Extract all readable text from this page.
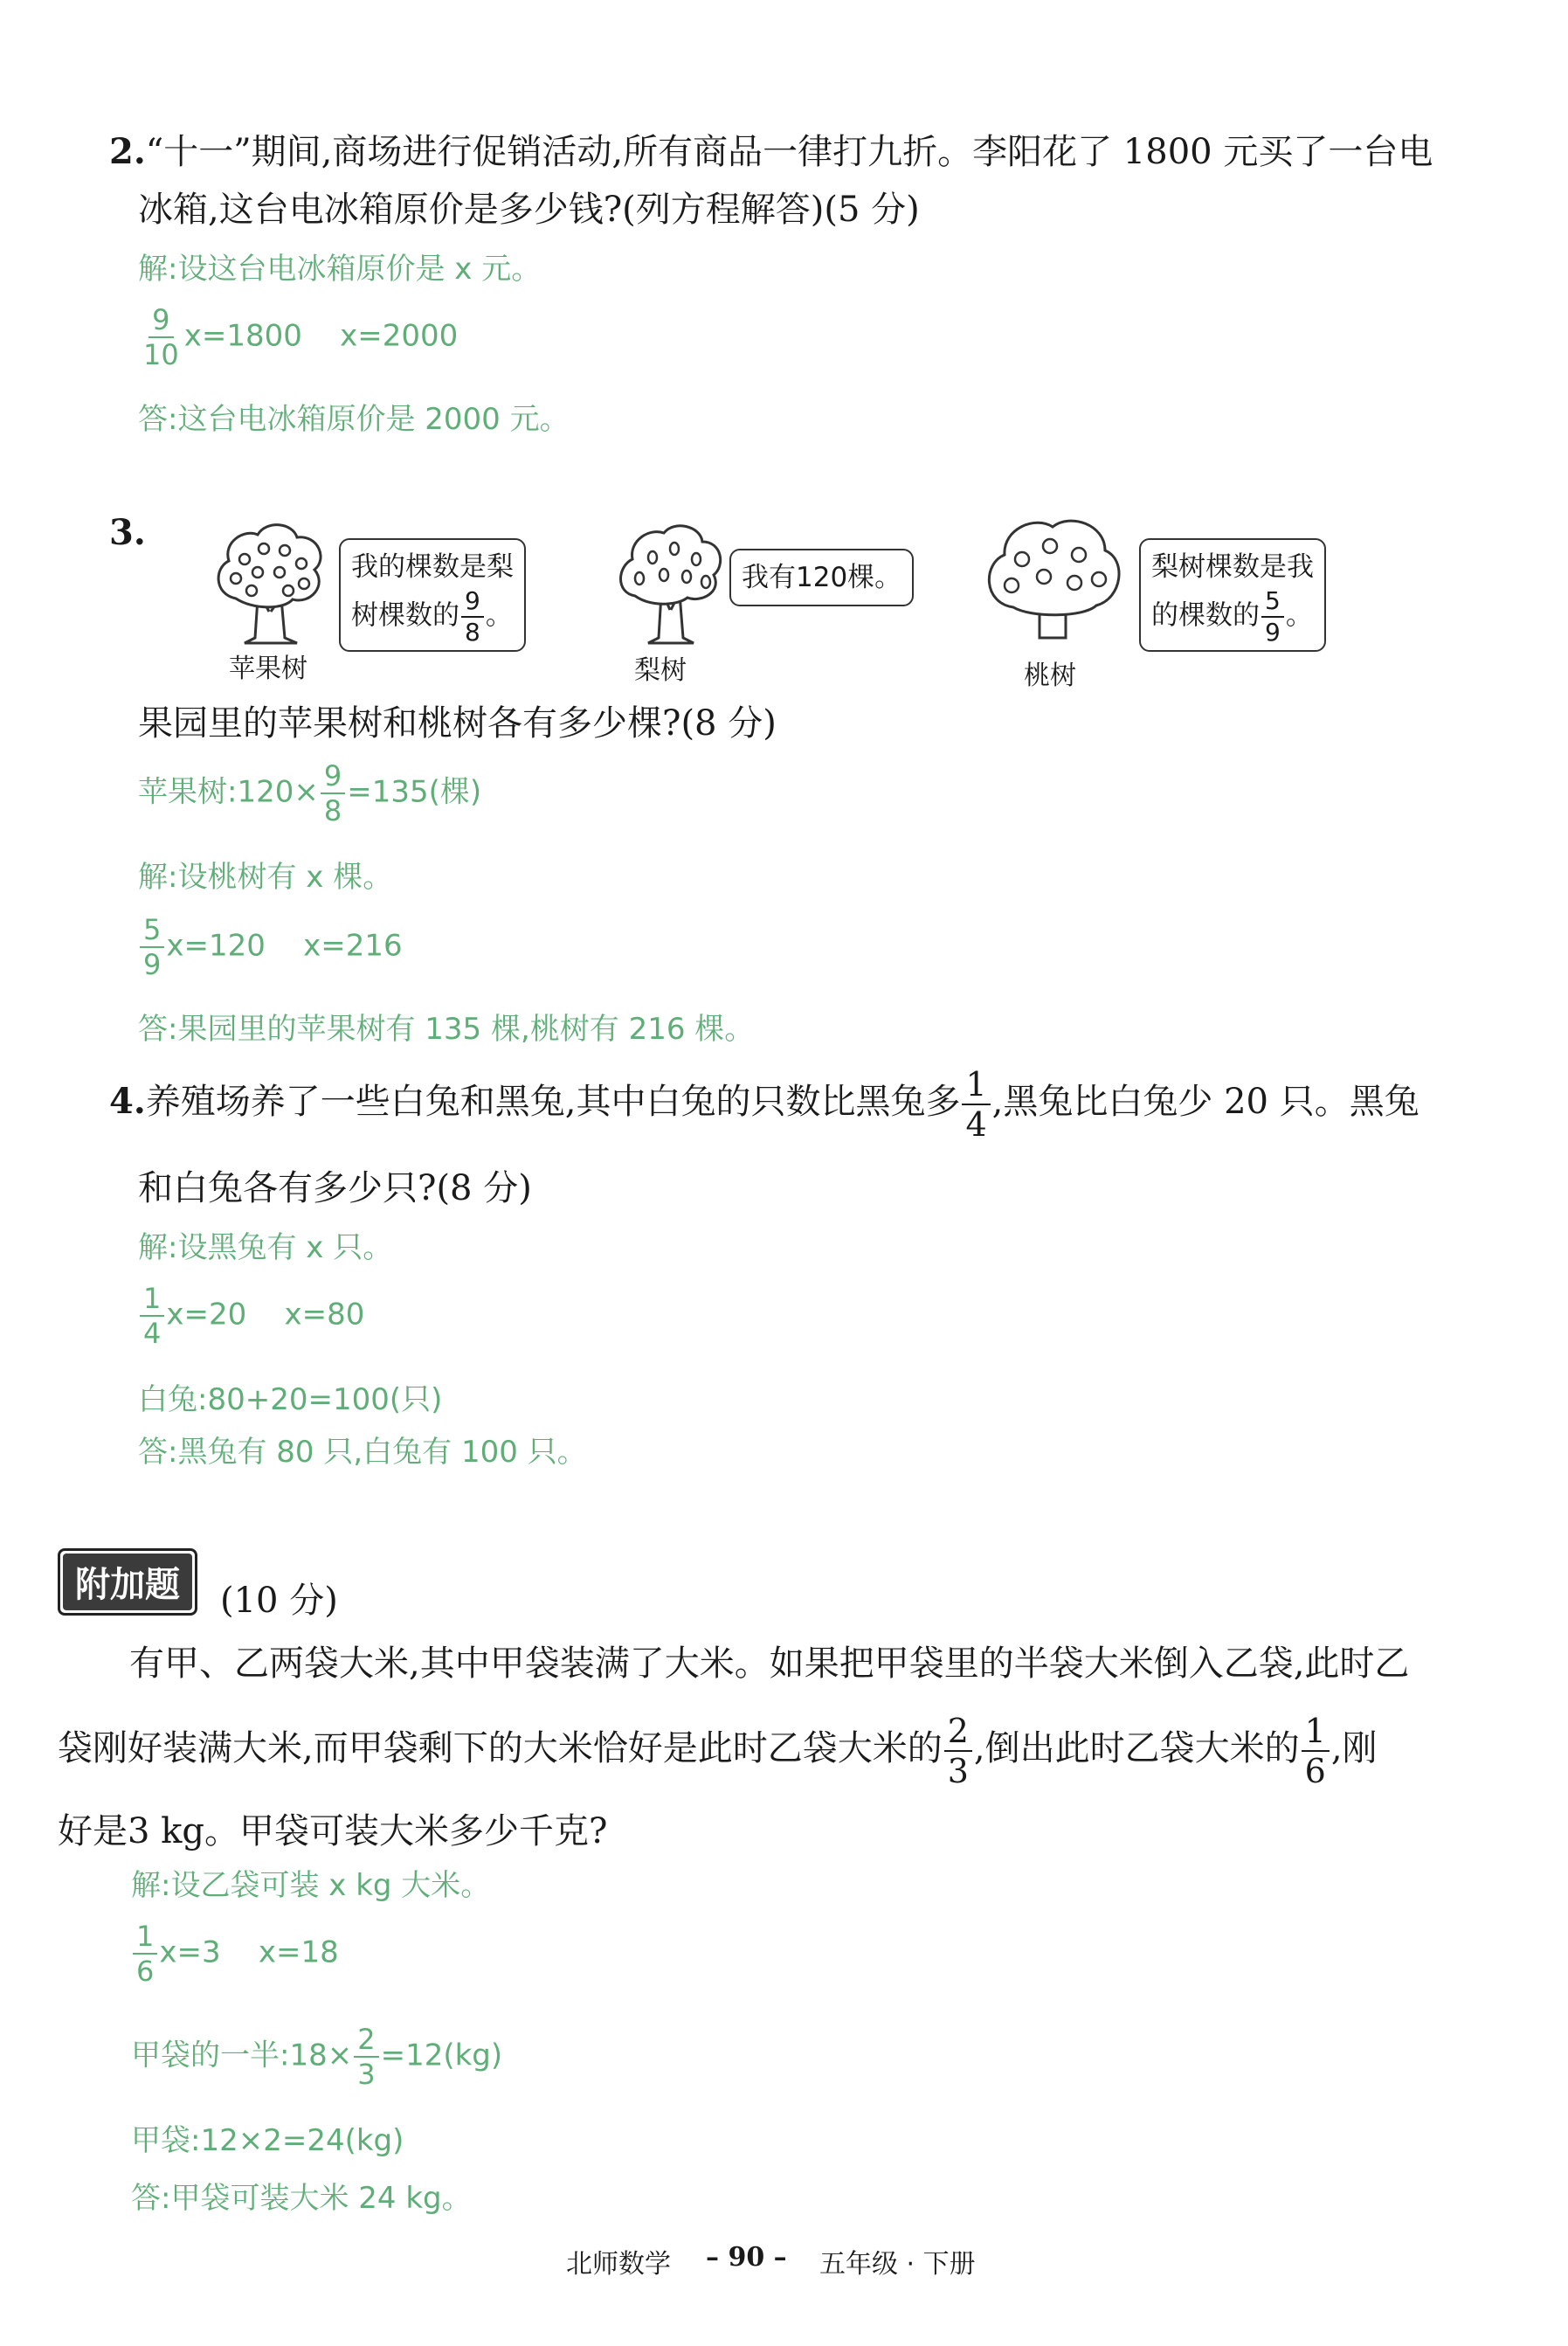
2.“十一”期间,商场进行促销活动,所有商品一律打九折。李阳花了 1800 元买了一台电
冰箱,这台电冰箱原价是多少钱?(列方程解答)(5 分)
解:设这台电冰箱原价是 x 元。
$\frac{9}{10} x=1800$    x=2000
答:这台电冰箱原价是 2000 元。
3.
苹果树
我的棵数是梨
树棵数的 $\frac{9}{8}$ 。
梨树
我有120棵。
桃树
梨树棵数是我
的棵数的 $\frac{5}{9}$ 。
果园里的苹果树和桃树各有多少棵?(8 分)
苹果树:120× $\frac{9}{8} =135$(棵)
解:设桃树有 x 棵。
$\frac{5}{9} x=120$    x=216
答:果园里的苹果树有 135 棵,桃树有 216 棵。
4.养殖场养了一些白兔和黑兔,其中白兔的只数比黑兔多 $\frac{1}{4}$ ,黑兔比白兔少 20 只。黑兔
和白兔各有多少只?(8 分)
解:设黑兔有 x 只。
$\frac{1}{4} x=20$    x=80
白兔:80+20=100(只)
答:黑兔有 80 只,白兔有 100 只。
附加题	(10 分)
有甲、乙两袋大米,其中甲袋装满了大米。如果把甲袋里的半袋大米倒入乙袋,此时乙
袋刚好装满大米,而甲袋剩下的大米恰好是此时乙袋大米的 $\frac{2}{3}$ ,倒出此时乙袋大米的 $\frac{1}{6}$ ,刚
好是3 kg。甲袋可装大米多少千克?
解:设乙袋可装 x kg 大米。
$\frac{1}{6} x=3$    x=18
甲袋的一半:18× $\frac{2}{3} =12(kg)$
甲袋:12×2=24(kg)
答:甲袋可装大米 24 kg。
北师数学 – 90 – 五年级 · 下册
